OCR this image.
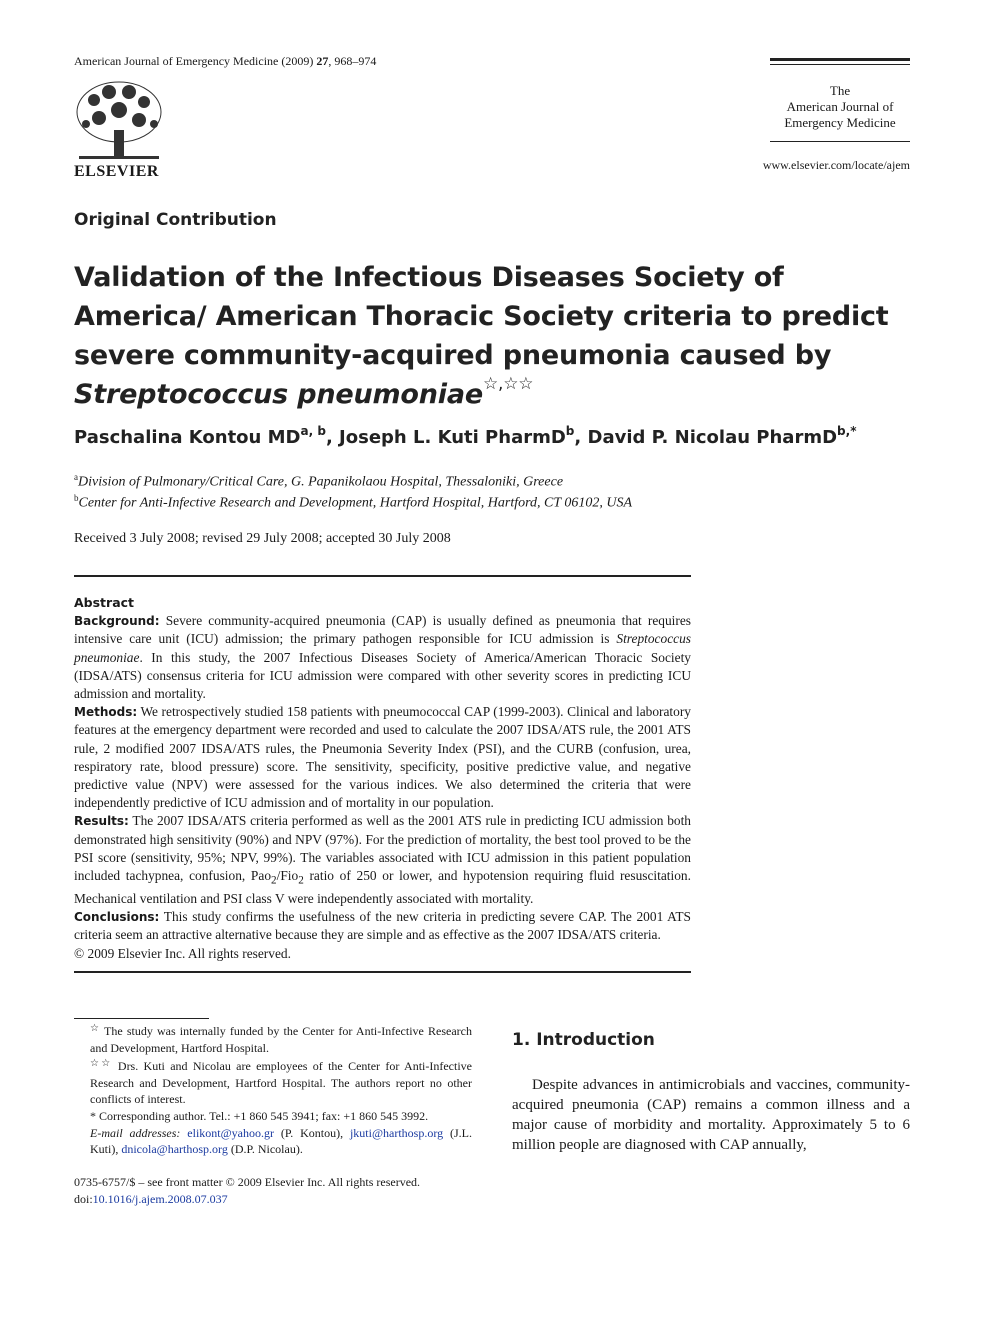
American Journal of Emergency Medicine (2009) 27, 968–974
ELSEVIER
The
American Journal of
Emergency Medicine
www.elsevier.com/locate/ajem
Original Contribution
Validation of the Infectious Diseases Society of America/ American Thoracic Society criteria to predict severe community-acquired pneumonia caused by Streptococcus pneumoniae☆,☆☆
Paschalina Kontou MD$^{a, b}$, Joseph L. Kuti PharmD$^b$, David P. Nicolau PharmD$^{b,*}$
$^a$Division of Pulmonary/Critical Care, G. Papanikolaou Hospital, Thessaloniki, Greece
$^b$Center for Anti-Infective Research and Development, Hartford Hospital, Hartford, CT 06102, USA
Received 3 July 2008; revised 29 July 2008; accepted 30 July 2008

Abstract

Background: Severe community-acquired pneumonia (CAP) is usually defined as pneumonia that requires intensive care unit (ICU) admission; the primary pathogen responsible for ICU admission is Streptococcus pneumoniae. In this study, the 2007 Infectious Diseases Society of America/American Thoracic Society (IDSA/ATS) consensus criteria for ICU admission were compared with other severity scores in predicting ICU admission and mortality.

Methods: We retrospectively studied 158 patients with pneumococcal CAP (1999-2003). Clinical and laboratory features at the emergency department were recorded and used to calculate the 2007 IDSA/ATS rule, the 2001 ATS rule, 2 modified 2007 IDSA/ATS rules, the Pneumonia Severity Index (PSI), and the CURB (confusion, urea, respiratory rate, blood pressure) score. The sensitivity, specificity, positive predictive value, and negative predictive value (NPV) were assessed for the various indices. We also determined the criteria that were independently predictive of ICU admission and of mortality in our population.

Results: The 2007 IDSA/ATS criteria performed as well as the 2001 ATS rule in predicting ICU admission both demonstrated high sensitivity (90%) and NPV (97%). For the prediction of mortality, the best tool proved to be the PSI score (sensitivity, 95%; NPV, 99%). The variables associated with ICU admission in this patient population included tachypnea, confusion, Pao$_2$/Fio$_2$ ratio of 250 or lower, and hypotension requiring fluid resuscitation. Mechanical ventilation and PSI class V were independently associated with mortality.

Conclusions: This study confirms the usefulness of the new criteria in predicting severe CAP. The 2001 ATS criteria seem an attractive alternative because they are simple and as effective as the 2007 IDSA/ATS criteria.

© 2009 Elsevier Inc. All rights reserved.

☆ The study was internally funded by the Center for Anti-Infective Research and Development, Hartford Hospital.

☆☆ Drs. Kuti and Nicolau are employees of the Center for Anti-Infective Research and Development, Hartford Hospital. The authors report no other conflicts of interest.

* Corresponding author. Tel.: +1 860 545 3941; fax: +1 860 545 3992.

E-mail addresses: elikont@yahoo.gr (P. Kontou), jkuti@harthosp.org (J.L. Kuti), dnicola@harthosp.org (D.P. Nicolau).

0735-6757/$ – see front matter © 2009 Elsevier Inc. All rights reserved.

doi:10.1016/j.ajem.2008.07.037

1. Introduction
Despite advances in antimicrobials and vaccines, community-acquired pneumonia (CAP) remains a common illness and a major cause of morbidity and mortality. Approximately 5 to 6 million people are diagnosed with CAP annually,
